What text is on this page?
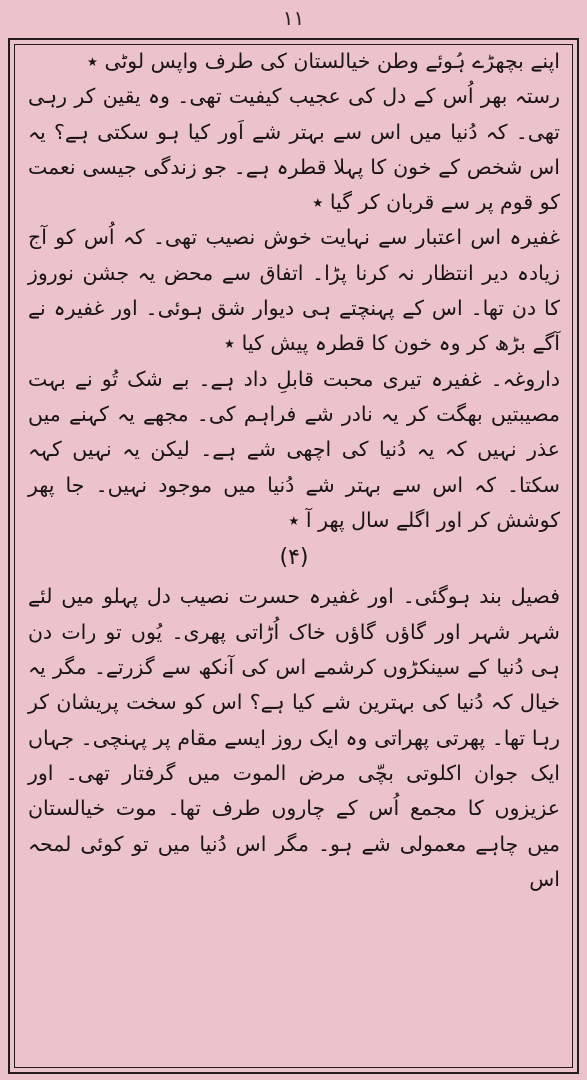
۱۱

اپنے بچھڑے ہُوئے وطن خیالستان کی طرف واپس لوٹی ٭

رستہ بھر اُس کے دل کی عجیب کیفیت تھی۔ وہ یقین کر رہی تھی۔ کہ دُنیا میں اس سے بہتر شے اَور کیا ہو سکتی ہے؟ یہ اس شخص کے خون کا پہلا قطرہ ہے۔ جو زندگی جیسی نعمت کو قوم پر سے قربان کر گیا ٭

غفیرہ اس اعتبار سے نہایت خوش نصیب تھی۔ کہ اُس کو آج زیادہ دیر انتظار نہ کرنا پڑا۔ اتفاق سے محض یہ جشن نوروز کا دن تھا۔ اس کے پہنچتے ہی دیوار شق ہوئی۔ اور غفیرہ نے آگے بڑھ کر وہ خون کا قطرہ پیش کیا ٭

داروغہ۔ غفیرہ تیری محبت قابلِ داد ہے۔ بے شک تُو نے بہت مصیبتیں بھگت کر یہ نادر شے فراہم کی۔ مجھے یہ کہنے میں عذر نہیں کہ یہ دُنیا کی اچھی شے ہے۔ لیکن یہ نہیں کہہ سکتا۔ کہ اس سے بہتر شے دُنیا میں موجود نہیں۔ جا پھر کوشش کر اور اگلے سال پھر آ ٭

(۴)

فصیل بند ہوگئی۔ اور غفیرہ حسرت نصیب دل پہلو میں لئے شہر شہر اور گاؤں گاؤں خاک اُڑاتی پھری۔ یُوں تو رات دن ہی دُنیا کے سینکڑوں کرشمے اس کی آنکھ سے گزرتے۔ مگر یہ خیال کہ دُنیا کی بہترین شے کیا ہے؟ اس کو سخت پریشان کر رہا تھا۔ پھرتی پھراتی وہ ایک روز ایسے مقام پر پہنچی۔ جہاں ایک جوان اکلوتی بچّی مرض الموت میں گرفتار تھی۔ اور عزیزوں کا مجمع اُس کے چاروں طرف تھا۔ موت خیالستان میں چاہے معمولی شے ہو۔ مگر اس دُنیا میں تو کوئی لمحہ اس
